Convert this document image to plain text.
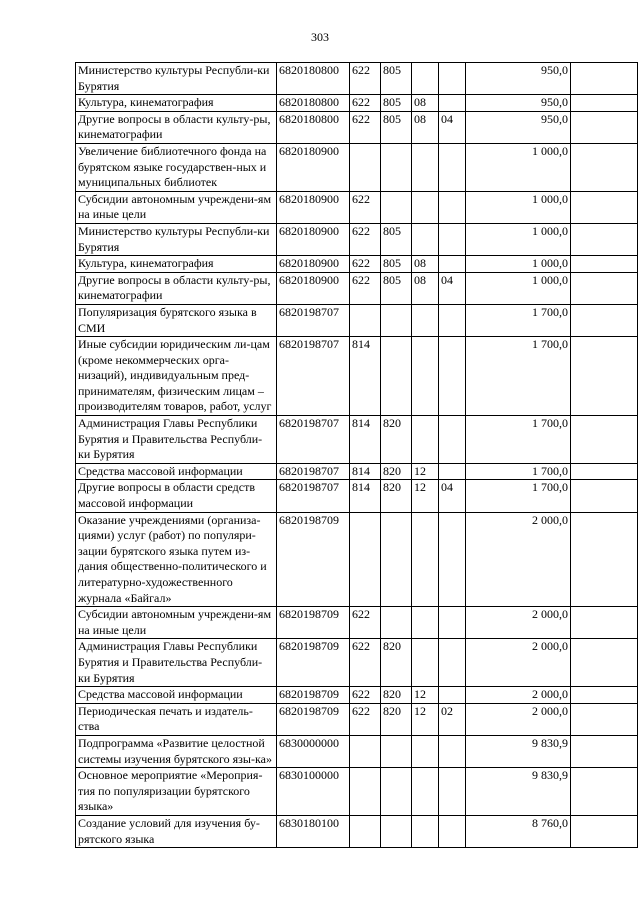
303
Министерство культуры Республи-ки Бурятия	6820180800	622	805			950,0	
Культура, кинематография	6820180800	622	805	08		950,0	
Другие вопросы в области культу-ры, кинематографии	6820180800	622	805	08	04	950,0	
Увеличение библиотечного фонда на бурятском языке государствен-ных и муниципальных библиотек	6820180900					1 000,0	
Субсидии автономным учреждени-ям на иные цели	6820180900	622				1 000,0	
Министерство культуры Республи-ки Бурятия	6820180900	622	805			1 000,0	
Культура, кинематография	6820180900	622	805	08		1 000,0	
Другие вопросы в области культу-ры, кинематографии	6820180900	622	805	08	04	1 000,0	
Популяризация бурятского языка в СМИ	6820198707					1 700,0	
Иные субсидии юридическим ли-цам (кроме некоммерческих орга-низаций), индивидуальным пред-принимателям, физическим лицам – производителям товаров, работ, услуг	6820198707	814				1 700,0	
Администрация Главы Республики Бурятия и Правительства Республи-ки Бурятия	6820198707	814	820			1 700,0	
Средства массовой информации	6820198707	814	820	12		1 700,0	
Другие вопросы в области средств массовой информации	6820198707	814	820	12	04	1 700,0	
Оказание учреждениями (организа-циями) услуг (работ) по популяри-зации бурятского языка путем из-дания общественно-политического и литературно-художественного журнала «Байгал»	6820198709					2 000,0	
Субсидии автономным учреждени-ям на иные цели	6820198709	622				2 000,0	
Администрация Главы Республики Бурятия и Правительства Республи-ки Бурятия	6820198709	622	820			2 000,0	
Средства массовой информации	6820198709	622	820	12		2 000,0	
Периодическая печать и издатель-ства	6820198709	622	820	12	02	2 000,0	
Подпрограмма «Развитие целостной системы изучения бурятского язы-ка»	6830000000					9 830,9	
Основное мероприятие «Мероприя-тия по популяризации бурятского языка»	6830100000					9 830,9	
Создание условий для изучения бу-рятского языка	6830180100					8 760,0	
